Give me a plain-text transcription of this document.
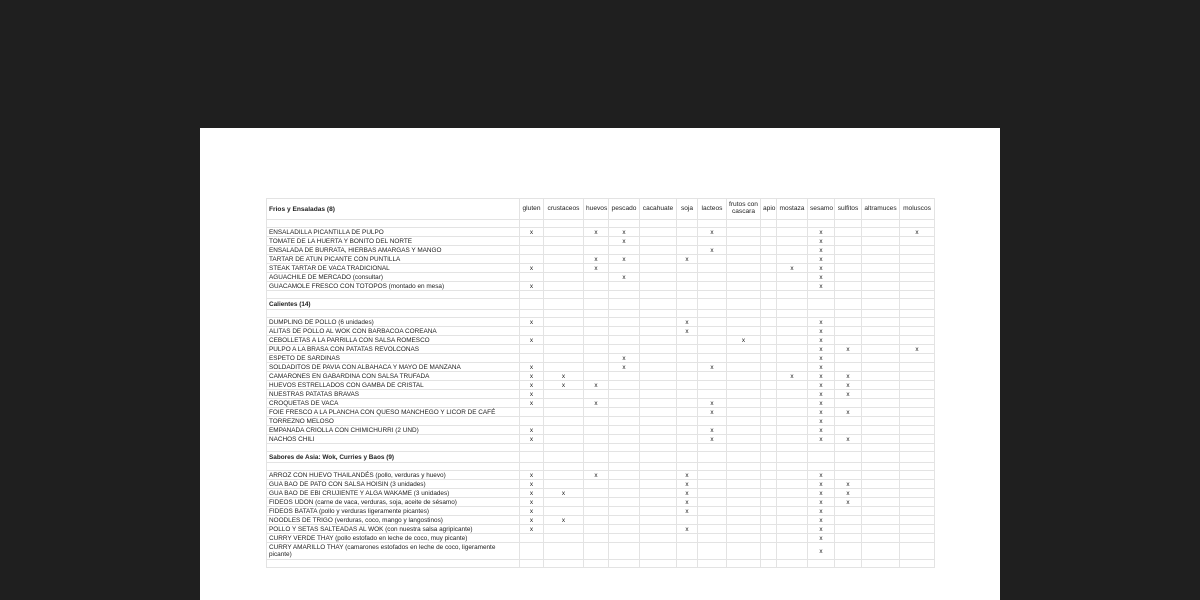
Frios y Ensaladas (8)	gluten	crustaceos	huevos	pescado	cacahuate	soja	lacteos	frutos con cascara	apio	mostaza	sesamo	sulfitos	altramuces	moluscos

ENSALADILLA PICANTILLA DE PULPO	x		x	x			x				x			x
TOMATE DE LA HUERTA Y BONITO DEL NORTE				x							x			
ENSALADA DE BURRATA, HIERBAS AMARGAS Y MANGO							x				x			
TARTAR DE ATUN PICANTE CON PUNTILLA			x	x		x					x			
STEAK TARTAR DE VACA TRADICIONAL	x		x							x	x			
AGUACHILE DE MERCADO (consultar)				x							x			
GUACAMOLE FRESCO CON TOTOPOS (montado en mesa)	x										x			

Calientes (14)														

DUMPLING DE POLLO (6 unidades)	x					x					x			
ALITAS DE POLLO AL WOK CON BARBACOA COREANA						x					x			
CEBOLLETAS A LA PARRILLA CON SALSA ROMESCO	x							x			x			
PULPO A LA BRASA CON PATATAS REVOLCONAS											x	x		x
ESPETO DE SARDINAS				x							x			
SOLDADITOS DE PAVIA CON ALBAHACA Y MAYO DE MANZANA	x			x			x				x			
CAMARONES EN GABARDINA CON SALSA TRUFADA	x	x								x	x	x		
HUEVOS ESTRELLADOS CON GAMBA DE CRISTAL	x	x	x								x	x		
NUESTRAS PATATAS BRAVAS	x										x	x		
CROQUETAS DE VACA	x		x				x				x			
FOIE FRESCO A LA PLANCHA CON QUESO MANCHEGO Y LICOR DE CAFÉ							x				x	x		
TORREZNO MELOSO											x			
EMPANADA CRIOLLA CON CHIMICHURRI (2 UND)	x						x				x			
NACHOS CHILI	x						x				x	x		

Sabores de Asia: Wok, Curries y Baos (9)														

ARROZ CON HUEVO THAILANDÉS (pollo, verduras y huevo)	x		x			x					x			
GUA BAO DE PATO CON SALSA HOISIN (3 unidades)	x					x					x	x		
GUA BAO DE EBI CRUJIENTE Y ALGA WAKAME (3 unidades)	x	x				x					x	x		
FIDEOS UDON (carne de vaca, verduras, soja, aceite de sésamo)	x					x					x	x		
FIDEOS BATATA (pollo y verduras ligeramente picantes)	x					x					x			
NOODLES DE TRIGO (verduras, coco, mango y langostinos)	x	x									x			
POLLO Y SETAS SALTEADAS AL WOK (con nuestra salsa agripicante)	x					x					x			
CURRY VERDE THAY (pollo estofado en leche de coco, muy picante)											x			
CURRY AMARILLO THAY (camarones estofados en leche de coco, ligeramente picante)											x			
